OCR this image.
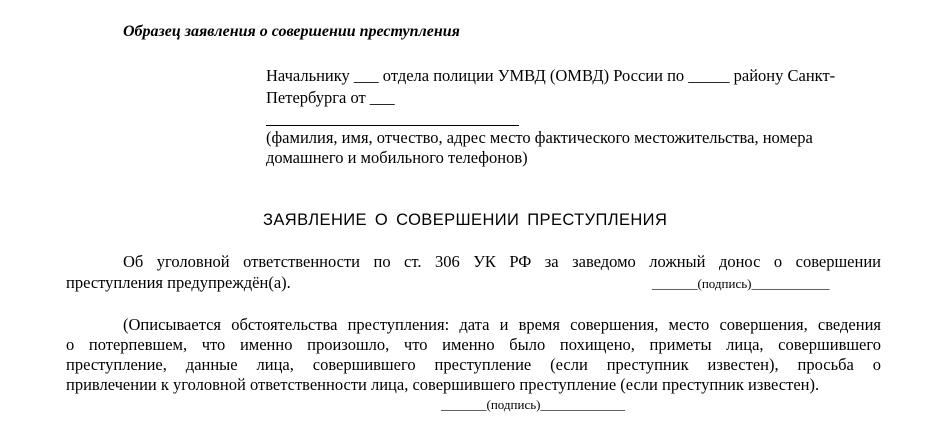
Образец заявления о совершении преступления
Начальнику ___ отдела полиции УМВД (ОМВД) России по _____ району Санкт-
Петербурга от ___
(фамилия, имя, отчество, адрес место фактического местожительства, номера
домашнего и мобильного телефонов)
ЗАЯВЛЕНИЕ О СОВЕРШЕНИИ ПРЕСТУПЛЕНИЯ
Об уголовной ответственности по ст. 306 УК РФ за заведомо ложный донос о совершении
преступления предупреждён(а).	_______(подпись)____________
(Описывается обстоятельства преступления: дата и время совершения, место совершения, сведения
о потерпевшем, что именно произошло, что именно было похищено, приметы лица, совершившего
преступление, данные лица, совершившего преступление (если преступник известен), просьба о
привлечении к уголовной ответственности лица, совершившего преступление (если преступник известен).
_______(подпись)_____________
